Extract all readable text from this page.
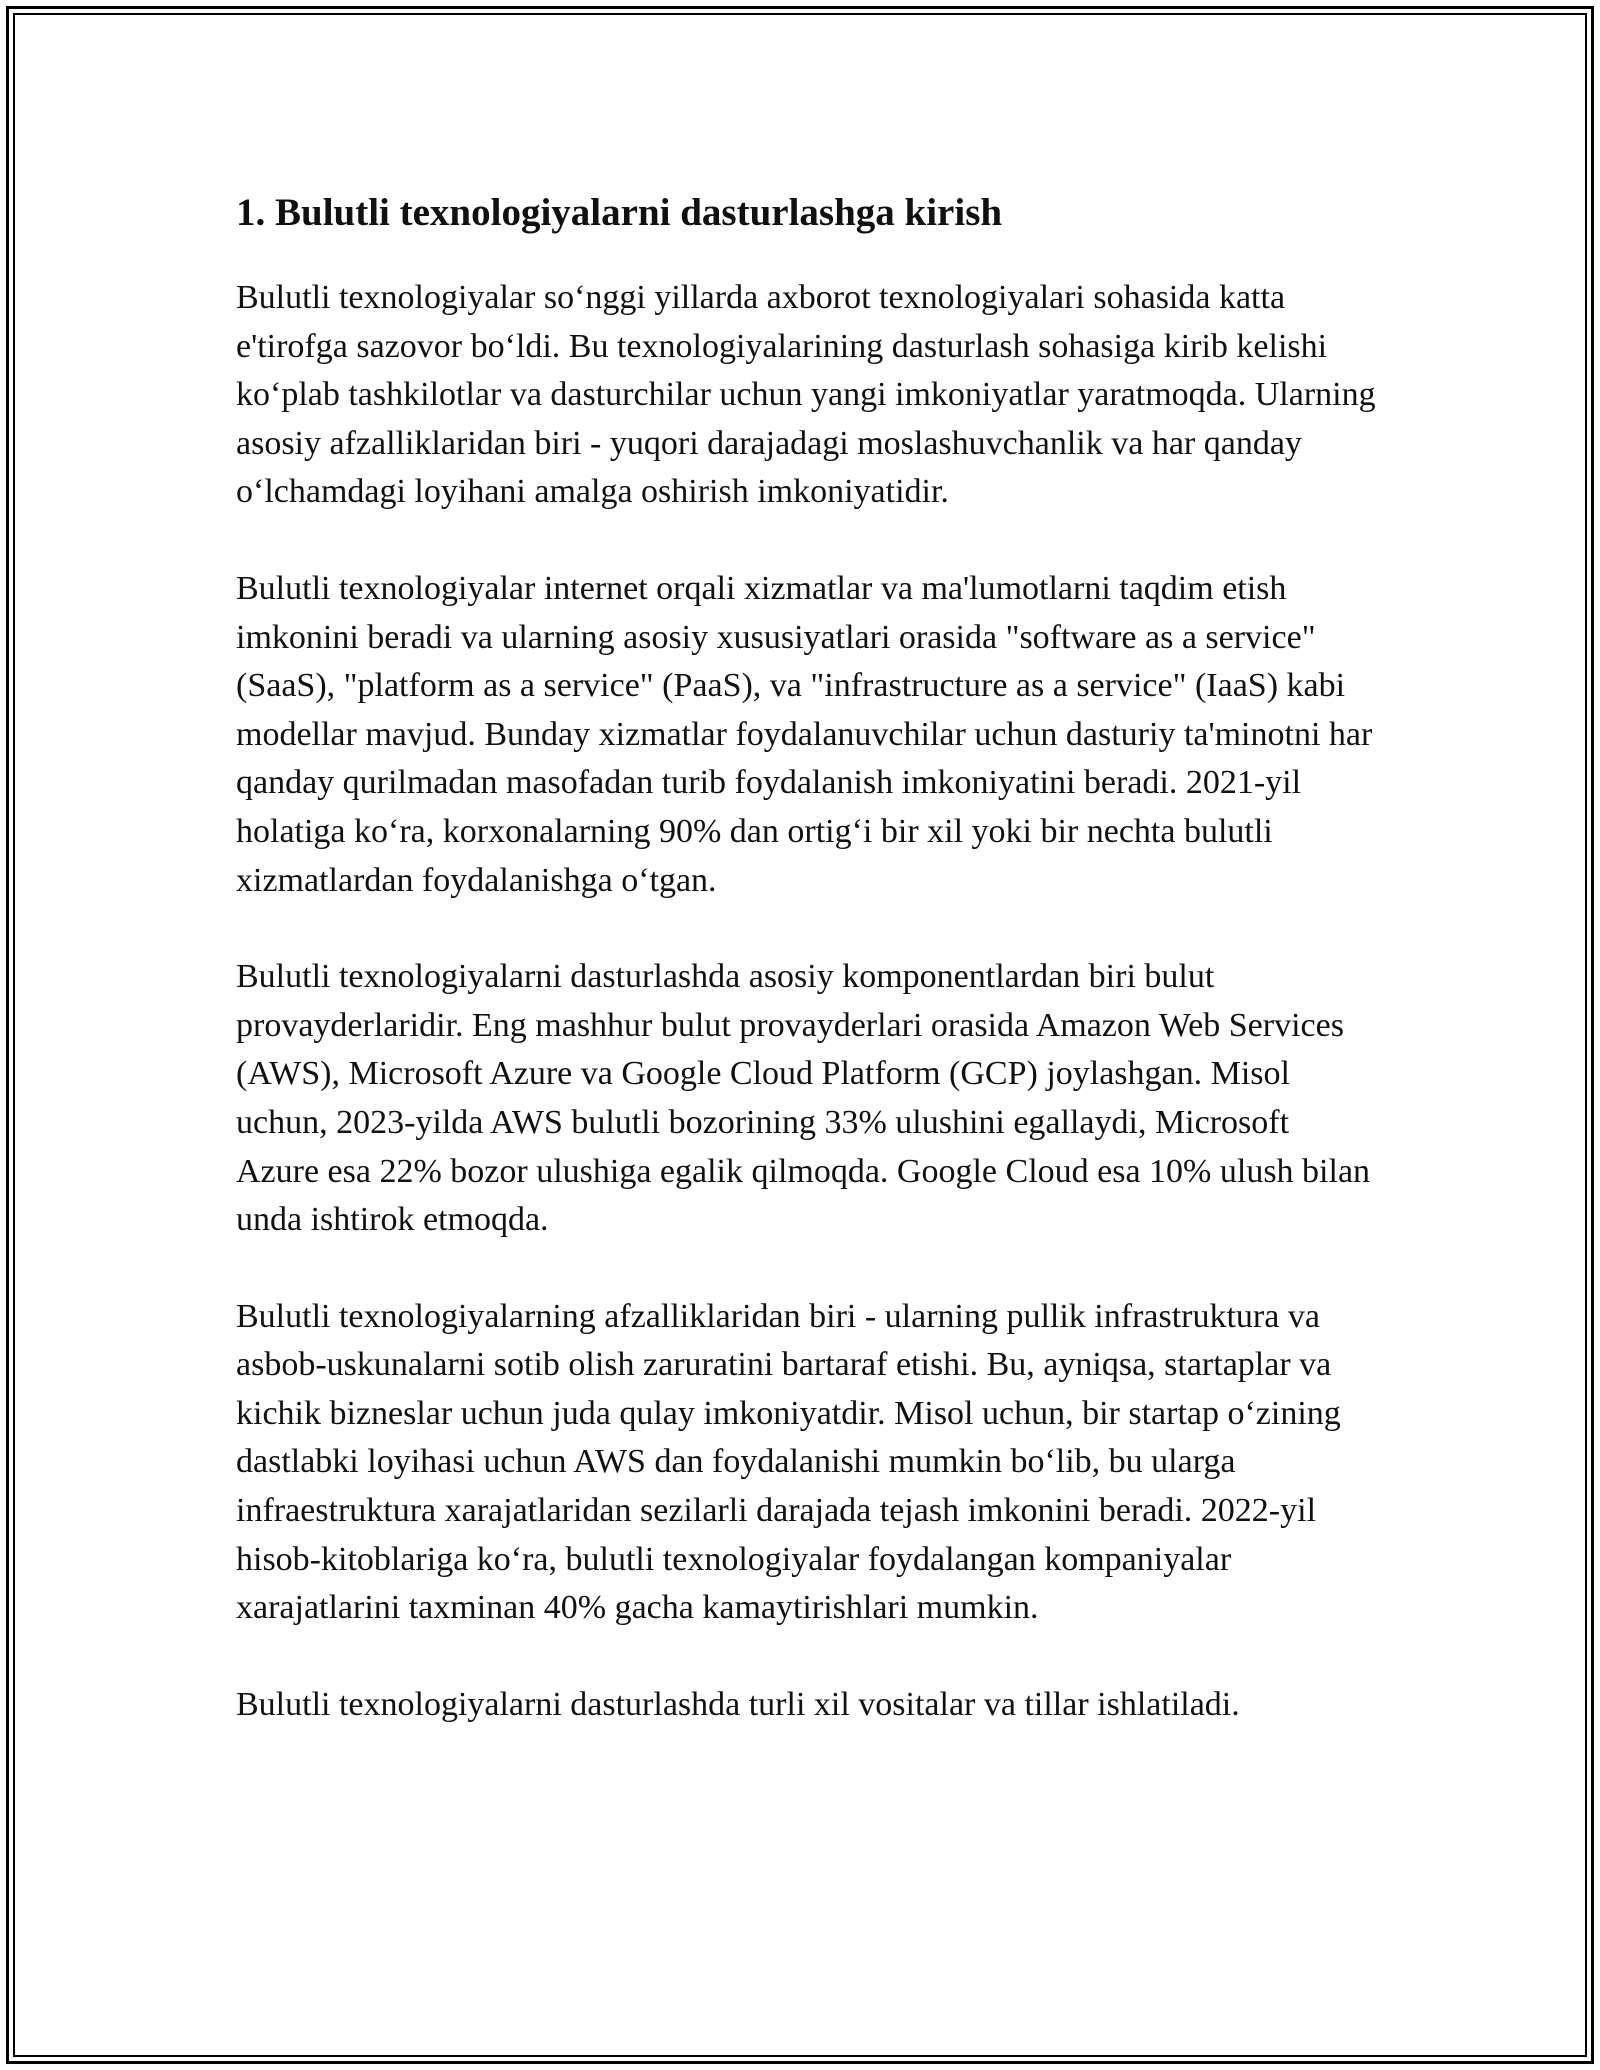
1. Bulutli texnologiyalarni dasturlashga kirish

Bulutli texnologiyalar so‘nggi yillarda axborot texnologiyalari sohasida katta e'tirofga sazovor bo‘ldi. Bu texnologiyalarining dasturlash sohasiga kirib kelishi ko‘plab tashkilotlar va dasturchilar uchun yangi imkoniyatlar yaratmoqda. Ularning asosiy afzalliklaridan biri - yuqori darajadagi moslashuvchanlik va har qanday o‘lchamdagi loyihani amalga oshirish imkoniyatidir.

Bulutli texnologiyalar internet orqali xizmatlar va ma'lumotlarni taqdim etish imkonini beradi va ularning asosiy xususiyatlari orasida "software as a service" (SaaS), "platform as a service" (PaaS), va "infrastructure as a service" (IaaS) kabi modellar mavjud. Bunday xizmatlar foydalanuvchilar uchun dasturiy ta'minotni har qanday qurilmadan masofadan turib foydalanish imkoniyatini beradi. 2021-yil holatiga ko‘ra, korxonalarning 90% dan ortig‘i bir xil yoki bir nechta bulutli xizmatlardan foydalanishga o‘tgan.

Bulutli texnologiyalarni dasturlashda asosiy komponentlardan biri bulut provayderlaridir. Eng mashhur bulut provayderlari orasida Amazon Web Services (AWS), Microsoft Azure va Google Cloud Platform (GCP) joylashgan. Misol uchun, 2023-yilda AWS bulutli bozorining 33% ulushini egallaydi, Microsoft Azure esa 22% bozor ulushiga egalik qilmoqda. Google Cloud esa 10% ulush bilan unda ishtirok etmoqda.

Bulutli texnologiyalarning afzalliklaridan biri - ularning pullik infrastruktura va asbob-uskunalarni sotib olish zaruratini bartaraf etishi. Bu, ayniqsa, startaplar va kichik bizneslar uchun juda qulay imkoniyatdir. Misol uchun, bir startap o‘zining dastlabki loyihasi uchun AWS dan foydalanishi mumkin bo‘lib, bu ularga infraestruktura xarajatlaridan sezilarli darajada tejash imkonini beradi. 2022-yil hisob-kitoblariga ko‘ra, bulutli texnologiyalar foydalangan kompaniyalar xarajatlarini taxminan 40% gacha kamaytirishlari mumkin.

Bulutli texnologiyalarni dasturlashda turli xil vositalar va tillar ishlatiladi.
